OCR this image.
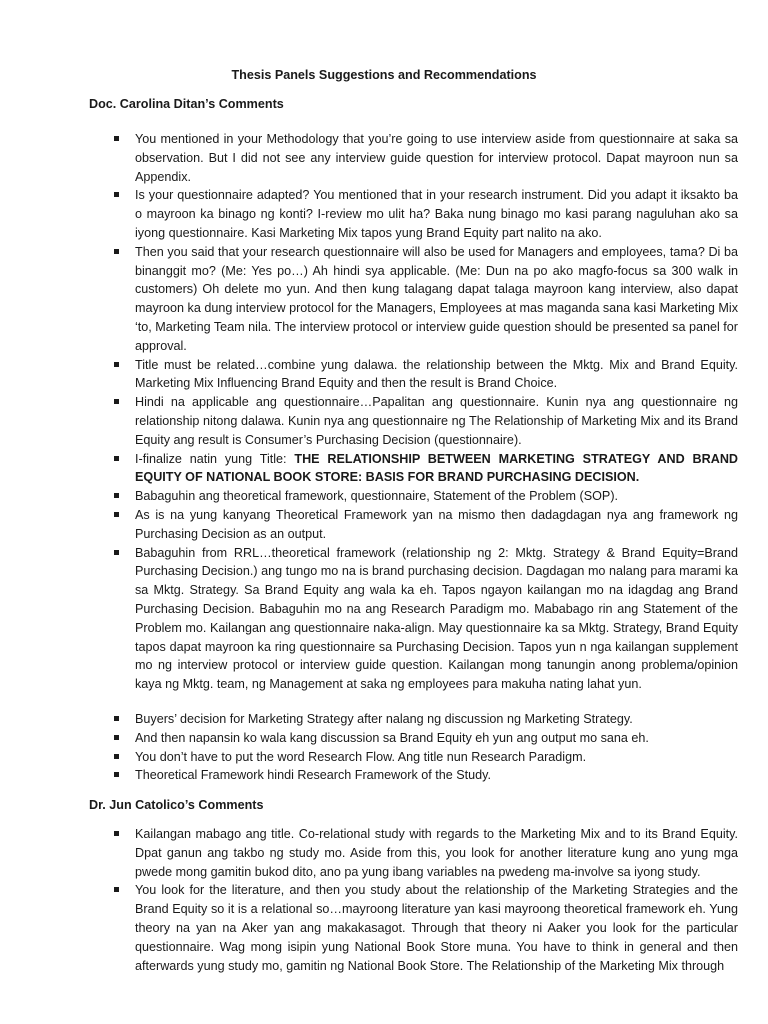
Thesis Panels Suggestions and Recommendations
Doc. Carolina Ditan’s Comments
You mentioned in your Methodology that you’re going to use interview aside from questionnaire at saka sa observation. But I did not see any interview guide question for interview protocol. Dapat mayroon nun sa Appendix.
Is your questionnaire adapted? You mentioned that in your research instrument. Did you adapt it iksakto ba o mayroon ka binago ng konti? I-review mo ulit ha? Baka nung binago mo kasi parang naguluhan ako sa iyong questionnaire. Kasi Marketing Mix tapos yung Brand Equity part nalito na ako.
Then you said that your research questionnaire will also be used for Managers and employees, tama? Di ba binanggit mo? (Me: Yes po…) Ah hindi sya applicable. (Me: Dun na po ako magfo-focus sa 300 walk in customers) Oh delete mo yun. And then kung talagang dapat talaga mayroon kang interview, also dapat mayroon ka dung interview protocol for the Managers, Employees at mas maganda sana kasi Marketing Mix ‘to, Marketing Team nila. The interview protocol or interview guide question should be presented sa panel for approval.
Title must be related…combine yung dalawa. the relationship between the Mktg. Mix and Brand Equity. Marketing Mix Influencing Brand Equity and then the result is Brand Choice.
Hindi na applicable ang questionnaire…Papalitan ang questionnaire. Kunin nya ang questionnaire ng relationship nitong dalawa. Kunin nya ang questionnaire ng The Relationship of Marketing Mix and its Brand Equity ang result is Consumer’s Purchasing Decision (questionnaire).
I-finalize natin yung Title: THE RELATIONSHIP BETWEEN MARKETING STRATEGY AND BRAND EQUITY OF NATIONAL BOOK STORE: BASIS FOR BRAND PURCHASING DECISION.
Babaguhin ang theoretical framework, questionnaire, Statement of the Problem (SOP).
As is na yung kanyang Theoretical Framework yan na mismo then dadagdagan nya ang framework ng Purchasing Decision as an output.
Babaguhin from RRL…theoretical framework (relationship ng 2: Mktg. Strategy & Brand Equity=Brand Purchasing Decision.) ang tungo mo na is brand purchasing decision. Dagdagan mo nalang para marami ka sa Mktg. Strategy. Sa Brand Equity ang wala ka eh. Tapos ngayon kailangan mo na idagdag ang Brand Purchasing Decision. Babaguhin mo na ang Research Paradigm mo. Mababago rin ang Statement of the Problem mo. Kailangan ang questionnaire naka-align. May questionnaire ka sa Mktg. Strategy, Brand Equity tapos dapat mayroon ka ring questionnaire sa Purchasing Decision. Tapos yun n nga kailangan supplement mo ng interview protocol or interview guide question. Kailangan mong tanungin anong problema/opinion kaya ng Mktg. team, ng Management at saka ng employees para makuha nating lahat yun.
Buyers’ decision for Marketing Strategy after nalang ng discussion ng Marketing Strategy.
And then napansin ko wala kang discussion sa Brand Equity eh yun ang output mo sana eh.
You don’t have to put the word Research Flow. Ang title nun Research Paradigm.
Theoretical Framework hindi Research Framework of the Study.
Dr. Jun Catolico’s Comments
Kailangan mabago ang title. Co-relational study with regards to the Marketing Mix and to its Brand Equity. Dpat ganun ang takbo ng study mo. Aside from this, you look for another literature kung ano yung mga pwede mong gamitin bukod dito, ano pa yung ibang variables na pwedeng ma-involve sa iyong study.
You look for the literature, and then you study about the relationship of the Marketing Strategies and the Brand Equity so it is a relational so…mayroong literature yan kasi mayroong theoretical framework eh. Yung theory na yan na Aker yan ang makakasagot. Through that theory ni Aaker you look for the particular questionnaire. Wag mong isipin yung National Book Store muna. You have to think in general and then afterwards yung study mo, gamitin ng National Book Store. The Relationship of the Marketing Mix through
